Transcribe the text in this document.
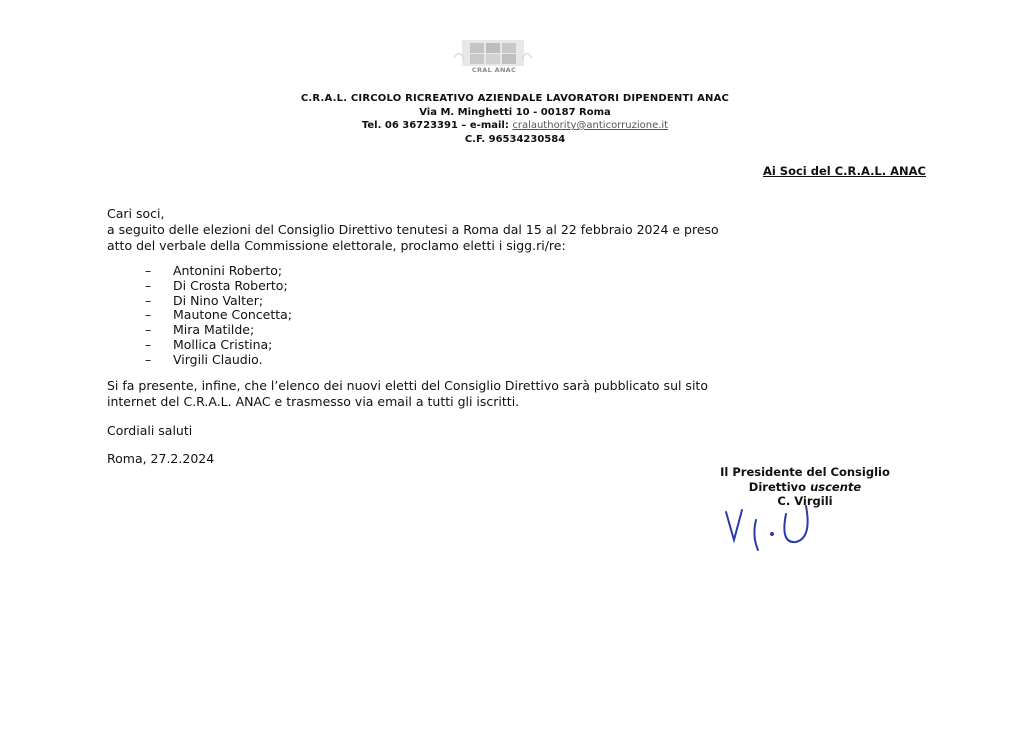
CRAL ANAC
C.R.A.L. CIRCOLO RICREATIVO AZIENDALE LAVORATORI DIPENDENTI ANAC
Via M. Minghetti 10 - 00187 Roma
Tel. 06 36723391 – e-mail: cralauthority@anticorruzione.it
C.F. 96534230584
Ai Soci del C.R.A.L. ANAC
Cari soci,
a seguito delle elezioni del Consiglio Direttivo tenutesi a Roma dal 15 al 22 febbraio 2024 e preso
atto del verbale della Commissione elettorale, proclamo eletti i sigg.ri/re:
–	Antonini Roberto;
–	Di Crosta Roberto;
–	Di Nino Valter;
–	Mautone Concetta;
–	Mira Matilde;
–	Mollica Cristina;
–	Virgili Claudio.
Si fa presente, infine, che l’elenco dei nuovi eletti del Consiglio Direttivo sarà pubblicato sul sito
internet del C.R.A.L. ANAC e trasmesso via email a tutti gli iscritti.
Cordiali saluti
Roma, 27.2.2024
Il Presidente del Consiglio
Direttivo uscente
C. Virgili
